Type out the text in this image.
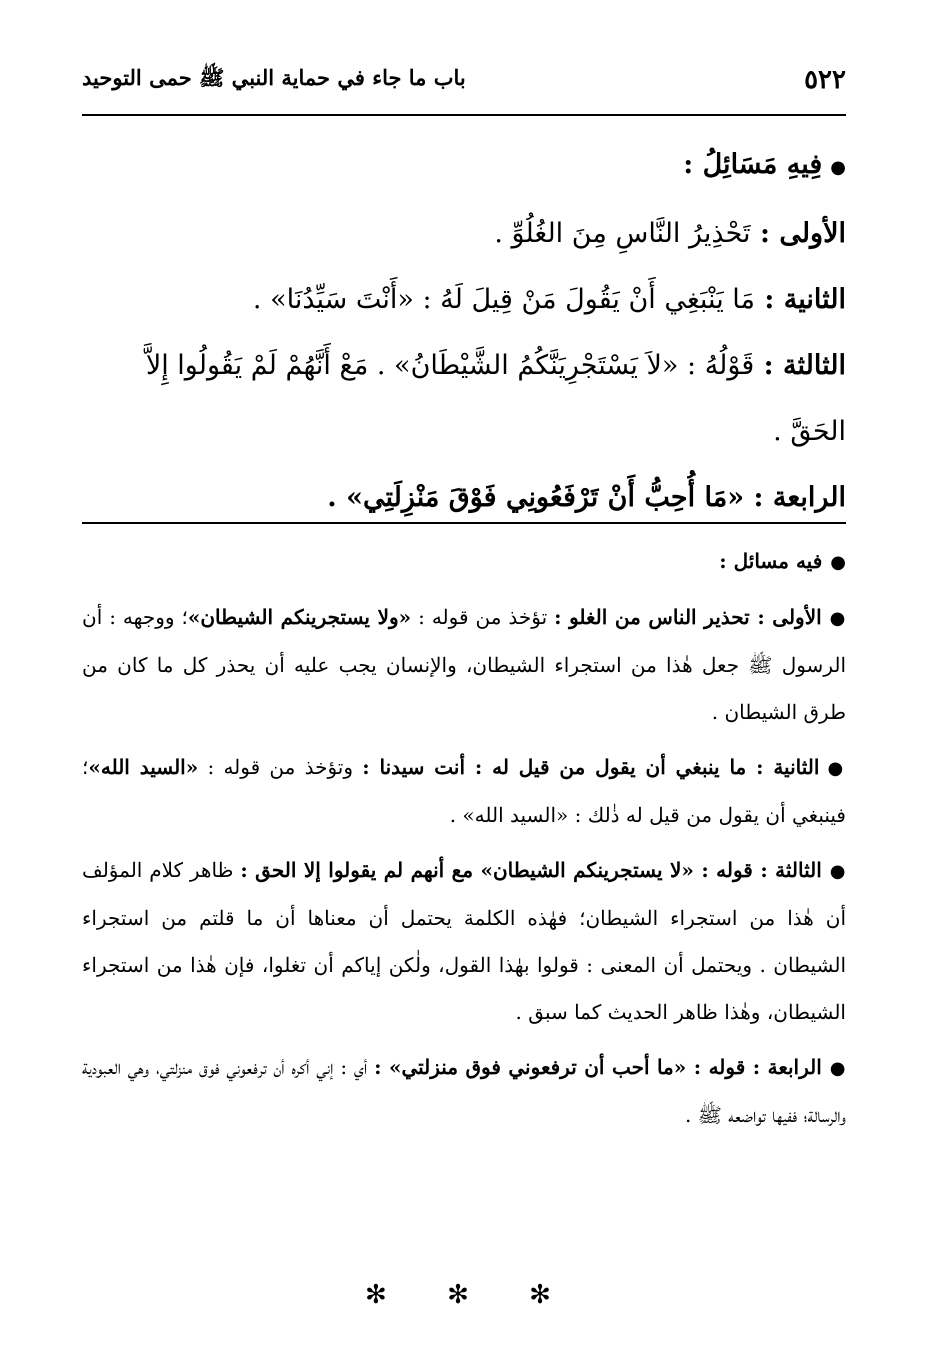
٥٢٢
باب ما جاء في حماية النبي ﷺ حمى التوحيد

●فِيهِ مَسَائِلُ :

الأولى : تَحْذِيرُ النَّاسِ مِنَ الغُلُوِّ .

الثانية : مَا يَنْبَغِي أَنْ يَقُولَ مَنْ قِيلَ لَهُ : «أَنْتَ سَيِّدُنَا» .

الثالثة : قَوْلُهُ : «لاَ يَسْتَجْرِيَنَّكُمُ الشَّيْطَانُ» . مَعْ أَنَّهُمْ لَمْ يَقُولُوا إِلاَّ الحَقَّ .

الرابعة : «مَا أُحِبُّ أَنْ تَرْفَعُونِي فَوْقَ مَنْزِلَتِي» .

●فيه مسائل :

●الأولى : تحذير الناس من الغلو : تؤخذ من قوله : «ولا يستجرينكم الشيطان»؛ ووجهه : أن الرسول ﷺ جعل هٰذا من استجراء الشيطان، والإنسان يجب عليه أن يحذر كل ما كان من طرق الشيطان .

●الثانية : ما ينبغي أن يقول من قيل له : أنت سيدنا : وتؤخذ من قوله : «السيد الله»؛ فينبغي أن يقول من قيل له ذٰلك : «السيد الله» .

●الثالثة : قوله : «لا يستجرينكم الشيطان» مع أنهم لم يقولوا إلا الحق : ظاهر كلام المؤلف أن هٰذا من استجراء الشيطان؛ فهٰذه الكلمة يحتمل أن معناها أن ما قلتم من استجراء الشيطان . ويحتمل أن المعنى : قولوا بهٰذا القول، ولٰكن إياكم أن تغلوا، فإن هٰذا من استجراء الشيطان، وهٰذا ظاهر الحديث كما سبق .

●الرابعة : قوله : «ما أحب أن ترفعوني فوق منزلتي» : أي : إني أكره أن ترفعوني فوق منزلتي، وهي العبودية والرسالة؛ ففيها تواضعه ﷺ .

✻ ✻ ✻
